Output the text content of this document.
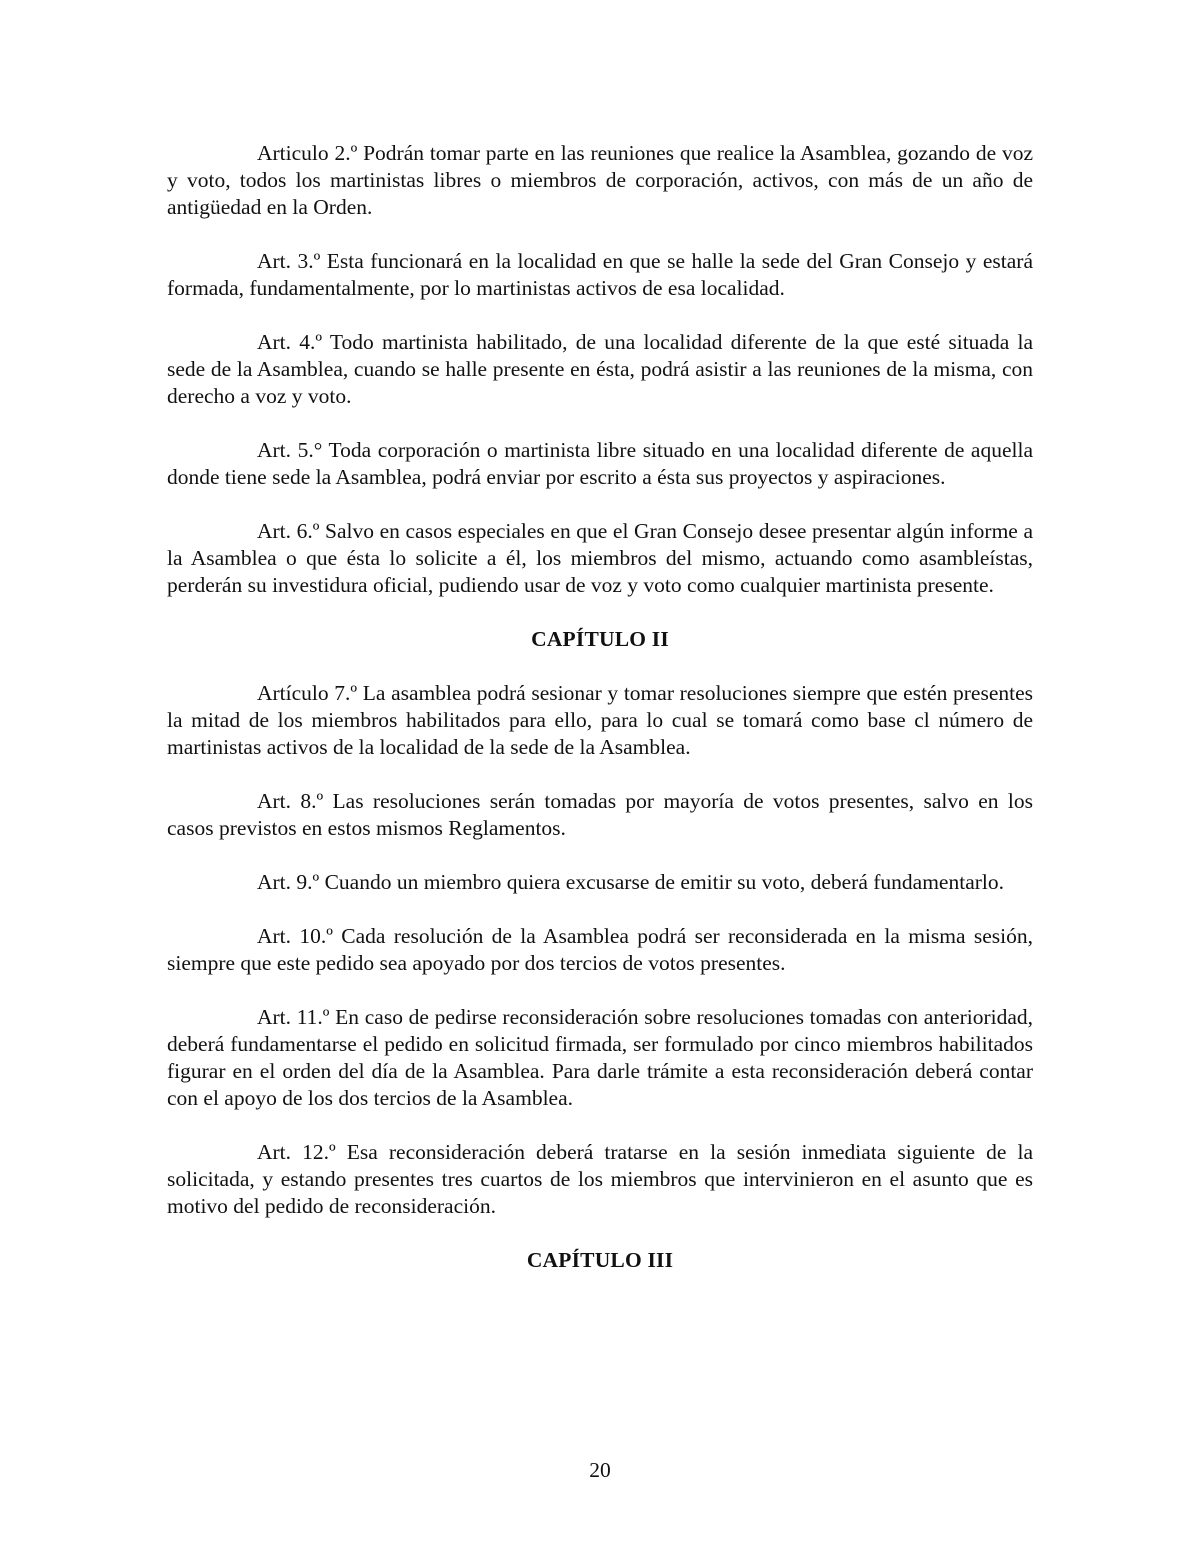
Articulo 2.º Podrán tomar parte en las reuniones que realice la Asamblea, gozando de voz y voto, todos los martinistas libres o miembros de corporación, activos, con más de un año de antigüedad en la Orden.

Art. 3.º Esta funcionará en la localidad en que se halle la sede del Gran Consejo y estará formada, fundamentalmente, por lo martinistas activos de esa localidad.

Art. 4.º Todo martinista habilitado, de una localidad diferente de la que esté situada la sede de la Asamblea, cuando se halle presente en ésta, podrá asistir a las reuniones de la misma, con derecho a voz y voto.

Art. 5.° Toda corporación o martinista libre situado en una localidad diferente de aquella donde tiene sede la Asamblea, podrá enviar por escrito a ésta sus proyectos y aspiraciones.

Art. 6.º Salvo en casos especiales en que el Gran Consejo desee presentar algún informe a la Asamblea o que ésta lo solicite a él, los miembros del mismo, actuando como asambleístas, perderán su investidura oficial, pudiendo usar de voz y voto como cualquier martinista presente.

CAPÍTULO II

Artículo 7.º La asamblea podrá sesionar y tomar resoluciones siempre que estén presentes la mitad de los miembros habilitados para ello, para lo cual se tomará como base cl número de martinistas activos de la localidad de la sede de la Asamblea.

Art. 8.º Las resoluciones serán tomadas por mayoría de votos presentes, salvo en los casos previstos en estos mismos Reglamentos.

Art. 9.º Cuando un miembro quiera excusarse de emitir su voto, deberá fundamentarlo.

Art. 10.º Cada resolución de la Asamblea podrá ser reconsiderada en la misma sesión, siempre que este pedido sea apoyado por dos tercios de votos presentes.

Art. 11.º En caso de pedirse reconsideración sobre resoluciones tomadas con anterioridad, deberá fundamentarse el pedido en solicitud firmada, ser formulado por cinco miembros habilitados figurar en el orden del día de la Asamblea. Para darle trámite a esta reconsideración deberá contar con el apoyo de los dos tercios de la Asamblea.

Art. 12.º Esa reconsideración deberá tratarse en la sesión inmediata siguiente de la solicitada, y estando presentes tres cuartos de los miembros que intervinieron en el asunto que es motivo del pedido de reconsideración.

CAPÍTULO III
20
